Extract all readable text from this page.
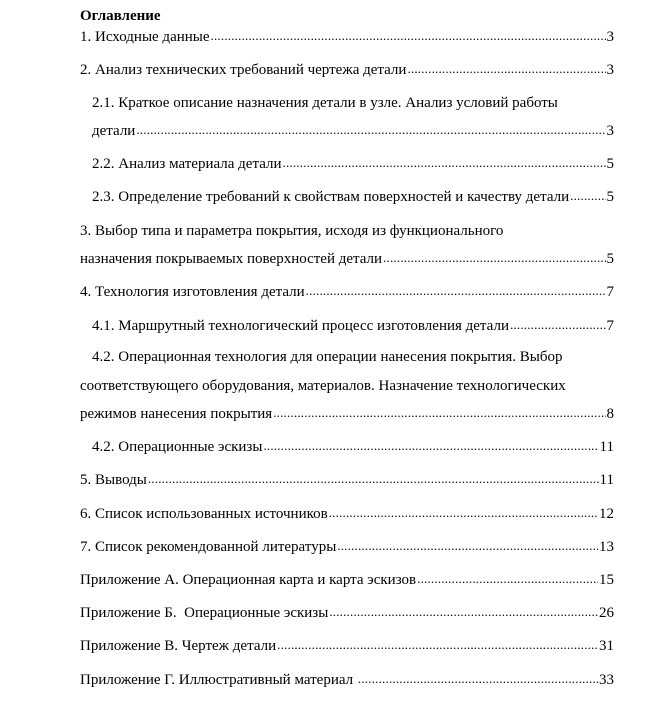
Оглавление
1. Исходные данные .....	3
2. Анализ технических требований чертежа детали .....	3
2.1. Краткое описание назначения детали в узле. Анализ условий работы
детали .....	3
2.2. Анализ материала детали .....	5
2.3. Определение требований к свойствам поверхностей и качеству детали ..... 5
3. Выбор типа и параметра покрытия, исходя из функционального
назначения покрываемых поверхностей детали .....	5
4. Технология изготовления детали .....	7
4.1. Маршрутный технологический процесс изготовления детали .....	7
4.2. Операционная технология для операции нанесения покрытия. Выбор
соответствующего оборудования, материалов. Назначение технологических
режимов нанесения покрытия .....	8
4.2. Операционные эскизы .....	11
5. Выводы .....	11
6. Список использованных источников .....	12
7. Список рекомендованной литературы .....	13
Приложение А. Операционная карта и карта эскизов .....	15
Приложение Б.  Операционные эскизы .....	26
Приложение В. Чертеж детали .....	31
Приложение Г. Иллюстративный материал .....	33
